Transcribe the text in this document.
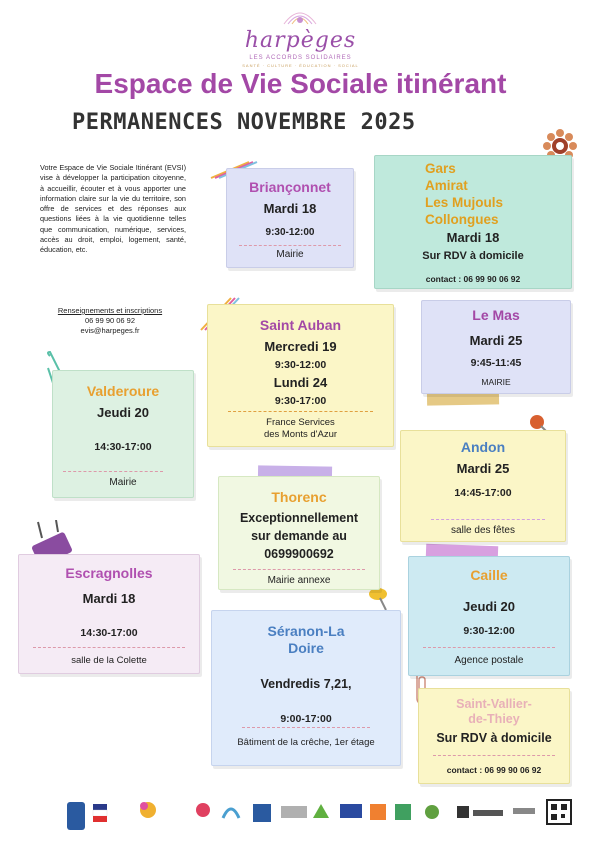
harpèges
LES ACCORDS SOLIDAIRES
SANTÉ · CULTURE · ÉDUCATION · SOCIAL
Espace de Vie Sociale itinérant
PERMANENCES NOVEMBRE 2025
Votre Espace de Vie Sociale Itinérant (EVSI) vise à développer la participation citoyenne, à accueillir, écouter et à vous apporter une information claire sur la vie du territoire, son offre de services et des réponses aux questions liées à la vie quotidienne telles que communication, numérique, services, accès au droit, emploi, logement, santé, éducation, etc.
Renseignements et inscriptions
06 99 90 06 92
evis@harpeges.fr
Briançonnet
Mardi 18
9:30-12:00
Mairie
Gars
Amirat
Les Mujouls
Collongues
Mardi 18
Sur RDV à domicile
contact : 06 99 90 06 92
Saint Auban
Mercredi 19
9:30-12:00
Lundi 24
9:30-17:00
France Services
des Monts d'Azur
Le Mas
Mardi 25
9:45-11:45
MAIRIE
Valderoure
Jeudi 20
14:30-17:00
Mairie
Andon
Mardi 25
14:45-17:00
salle des fêtes
Thorenc
Exceptionnellement
sur demande au
0699900692
Mairie annexe
Escragnolles
Mardi 18
14:30-17:00
salle de la Colette
Caille
Jeudi 20
9:30-12:00
Agence postale
Séranon-La
Doire
Vendredis 7,21,
9:00-17:00
Bâtiment de la crêche, 1er étage
Saint-Vallier-
de-Thiey
Sur RDV à domicile
contact : 06 99 90 06 92
